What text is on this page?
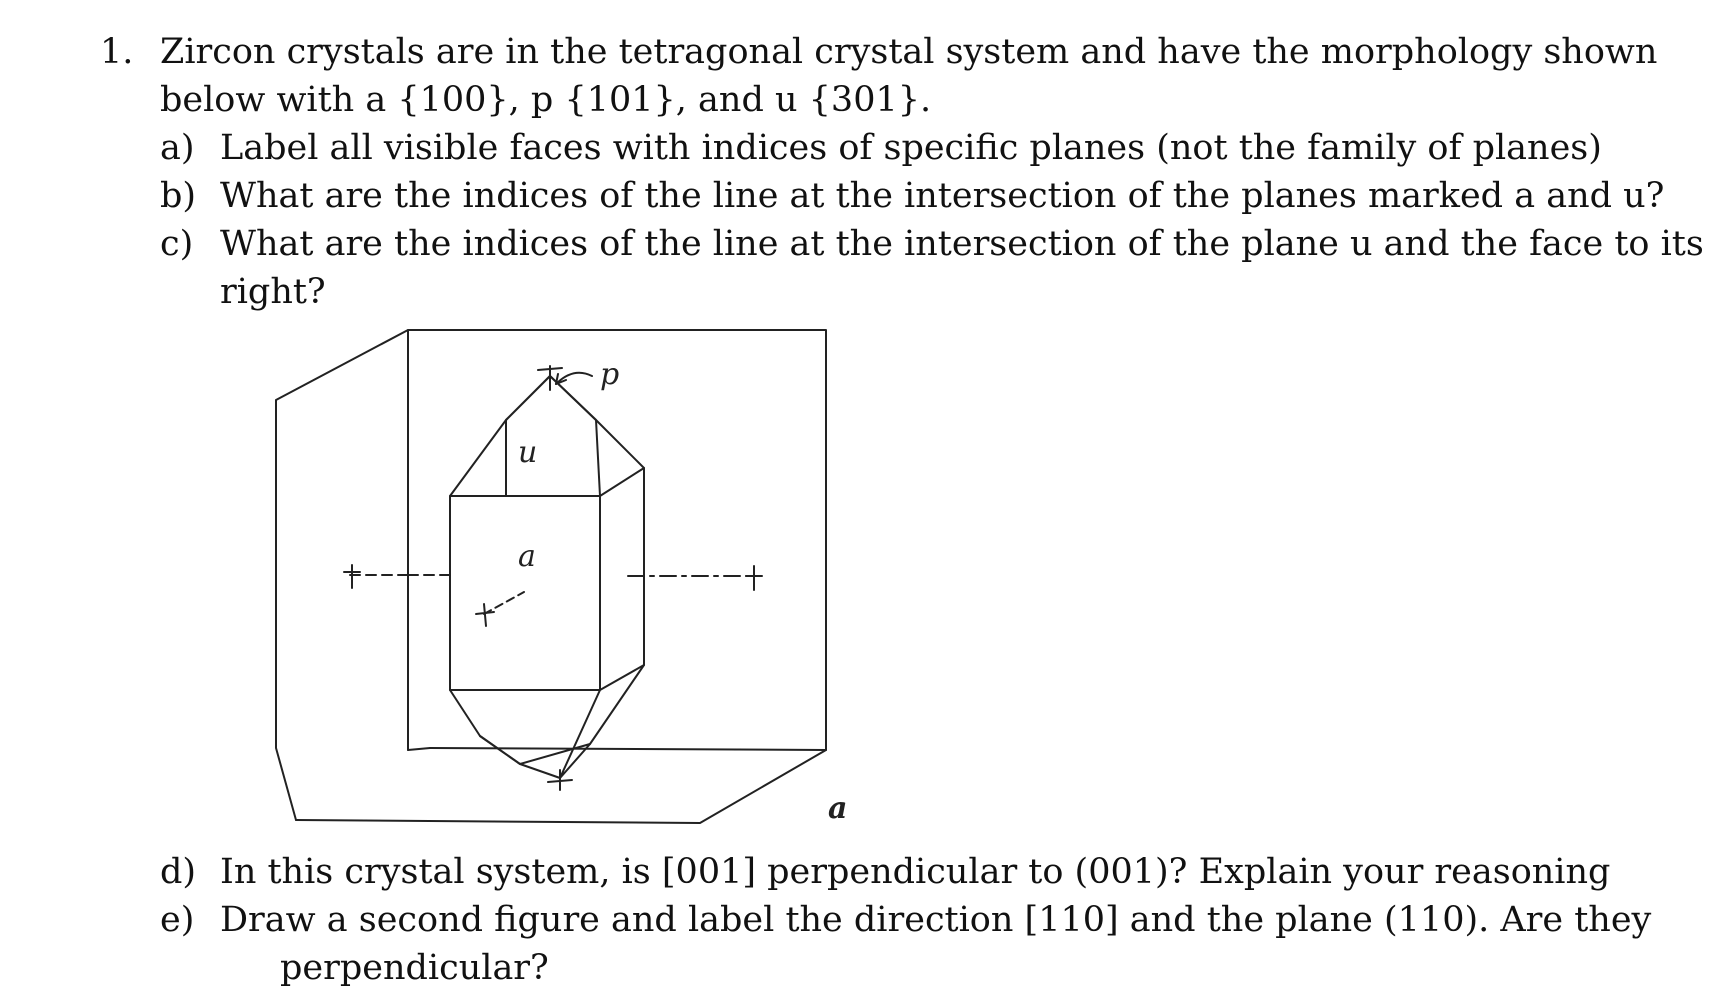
1. Zircon crystals are in the tetragonal crystal system and have the morphology shown
below with a {100}, p {101}, and u {301}.
a) Label all visible faces with indices of specific planes (not the family of planes)
b) What are the indices of the line at the intersection of the planes marked a and u?
c) What are the indices of the line at the intersection of the plane u and the face to its
right?
p
u
a
a
d) In this crystal system, is [001] perpendicular to (001)? Explain your reasoning
e) Draw a second figure and label the direction [110] and the plane (110). Are they
perpendicular?
